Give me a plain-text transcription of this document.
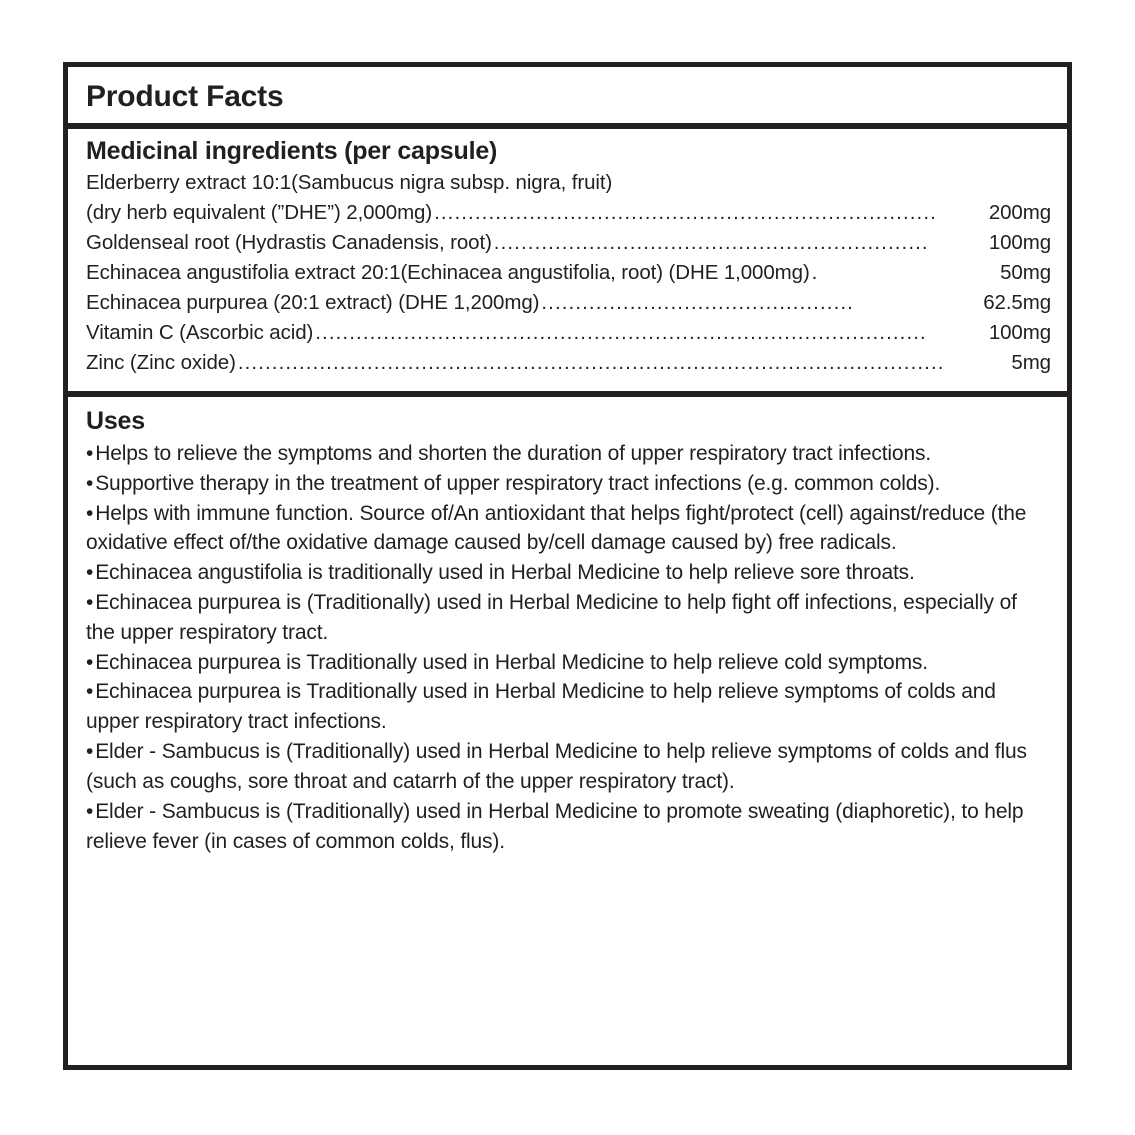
Product Facts
Medicinal ingredients (per capsule)
Elderberry extract 10:1(Sambucus nigra subsp. nigra, fruit)
(dry herb equivalent (”DHE”) 2,000mg) ..........................................................................	200mg
Goldenseal root (Hydrastis Canadensis, root) ................................................................	100mg
Echinacea angustifolia extract 20:1(Echinacea angustifolia, root) (DHE 1,000mg) .	50mg
Echinacea purpurea (20:1 extract) (DHE 1,200mg) ..............................................	62.5mg
Vitamin C (Ascorbic acid) ..........................................................................................	100mg
Zinc (Zinc oxide) ........................................................................................................	5mg
Uses
•Helps to relieve the symptoms and shorten the duration of upper respiratory tract infections.
•Supportive therapy in the treatment of upper respiratory tract infections (e.g. common colds).
•Helps with immune function. Source of/An antioxidant that helps fight/protect (cell) against/reduce (the oxidative effect of/the oxidative damage caused by/cell damage caused by) free radicals.
•Echinacea angustifolia is traditionally used in Herbal Medicine to help relieve sore throats.
•Echinacea purpurea is (Traditionally) used in Herbal Medicine to help fight off infections, especially of the upper respiratory tract.
•Echinacea purpurea is Traditionally used in Herbal Medicine to help relieve cold symptoms.
•Echinacea purpurea is Traditionally used in Herbal Medicine to help relieve symptoms of colds and upper respiratory tract infections.
•Elder - Sambucus is (Traditionally) used in Herbal Medicine to help relieve symptoms of colds and flus (such as coughs, sore throat and catarrh of the upper respiratory tract).
•Elder - Sambucus is (Traditionally) used in Herbal Medicine to promote sweating (diaphoretic), to help relieve fever (in cases of common colds, flus).
